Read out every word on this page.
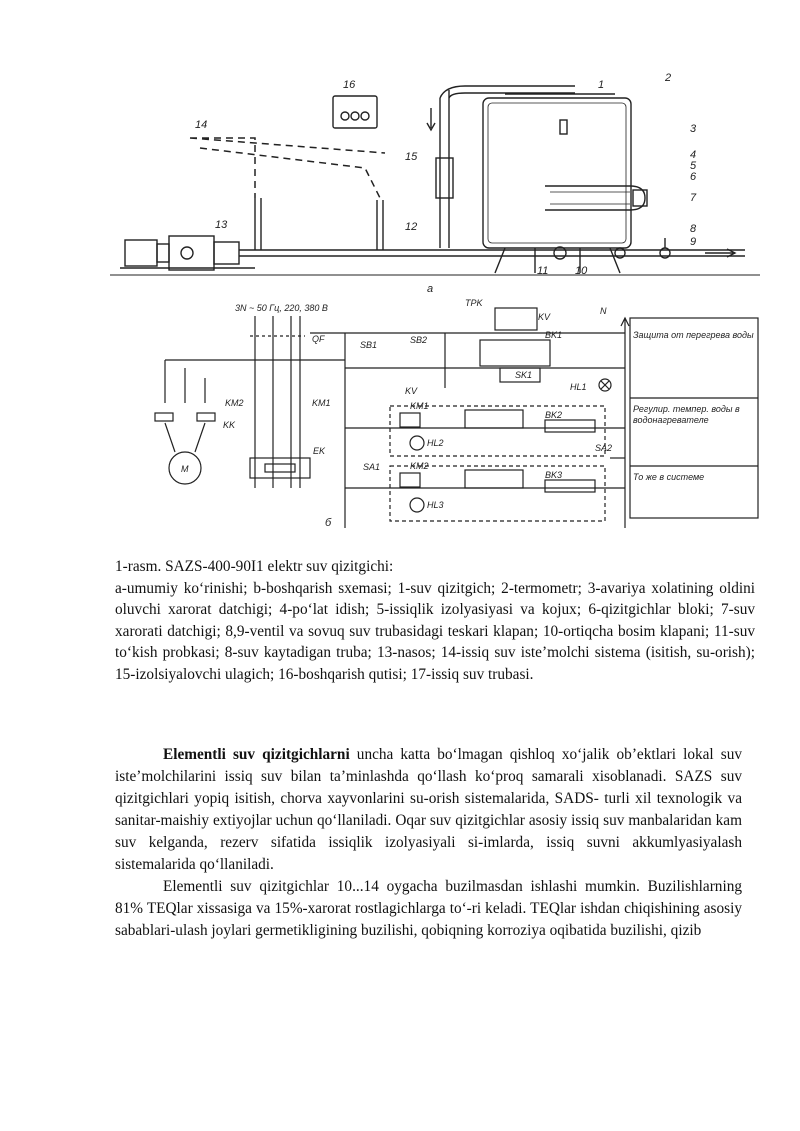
16
14
15
13	12
1
2
3
4
5
6
7
8
9
10
11
a
3N ~ 50 Гц, 220, 380 В
QF
SB1	SB2
TPK
KV
KV
KM2	KM1
KK
M
EK
HL1
HL2
HL3
KM1
KM2
SA1
SA2
BK1
BK2
BK3
SK1
N
б
Защита от перегрева воды
Регулир. темпер. воды в водонагревателе
То же в системе

1-rasm. SAZS-400-90I1 elektr suv qizitgichi:

a-umumiy ko‘rinishi; b-boshqarish sxemasi; 1-suv qizitgich; 2-termometr; 3-avariya xolatining oldini oluvchi xarorat datchigi; 4-po‘lat idish; 5-issiqlik izolyasiyasi va kojux; 6-qizitgichlar bloki; 7-suv xarorati datchigi; 8,9-ventil va sovuq suv trubasidagi teskari klapan; 10-ortiqcha bosim klapani; 11-suv to‘kish probkasi; 8-suv kaytadigan truba; 13-nasos; 14-issiq suv iste’molchi sistema (isitish, su-orish); 15-izolsiyalovchi ulagich; 16-boshqarish qutisi; 17-issiq suv trubasi.

Elementli suv qizitgichlarni uncha katta bo‘lmagan qishloq xo‘jalik ob’ektlari lokal suv iste’molchilarini issiq suv bilan ta’minlashda qo‘llash ko‘proq samarali xisoblanadi. SAZS suv qizitgichlari yopiq isitish, chorva xayvonlarini su-orish sistemalarida, SADS- turli xil texnologik va sanitar-maishiy extiyojlar uchun qo‘llaniladi. Oqar suv qizitgichlar asosiy issiq suv manbalaridan kam suv kelganda, rezerv sifatida issiqlik izolyasiyali si-imlarda, issiq suvni akkumlyasiyalash sistemalarida qo‘llaniladi.

Elementli suv qizitgichlar 10...14 oygacha buzilmasdan ishlashi mumkin. Buzilishlarning 81% TEQlar xissasiga va 15%-xarorat rostlagichlarga to‘-ri keladi. TEQlar ishdan chiqishining asosiy sabablari-ulash joylari germetikligining buzilishi, qobiqning korroziya oqibatida buzilishi, qizib
